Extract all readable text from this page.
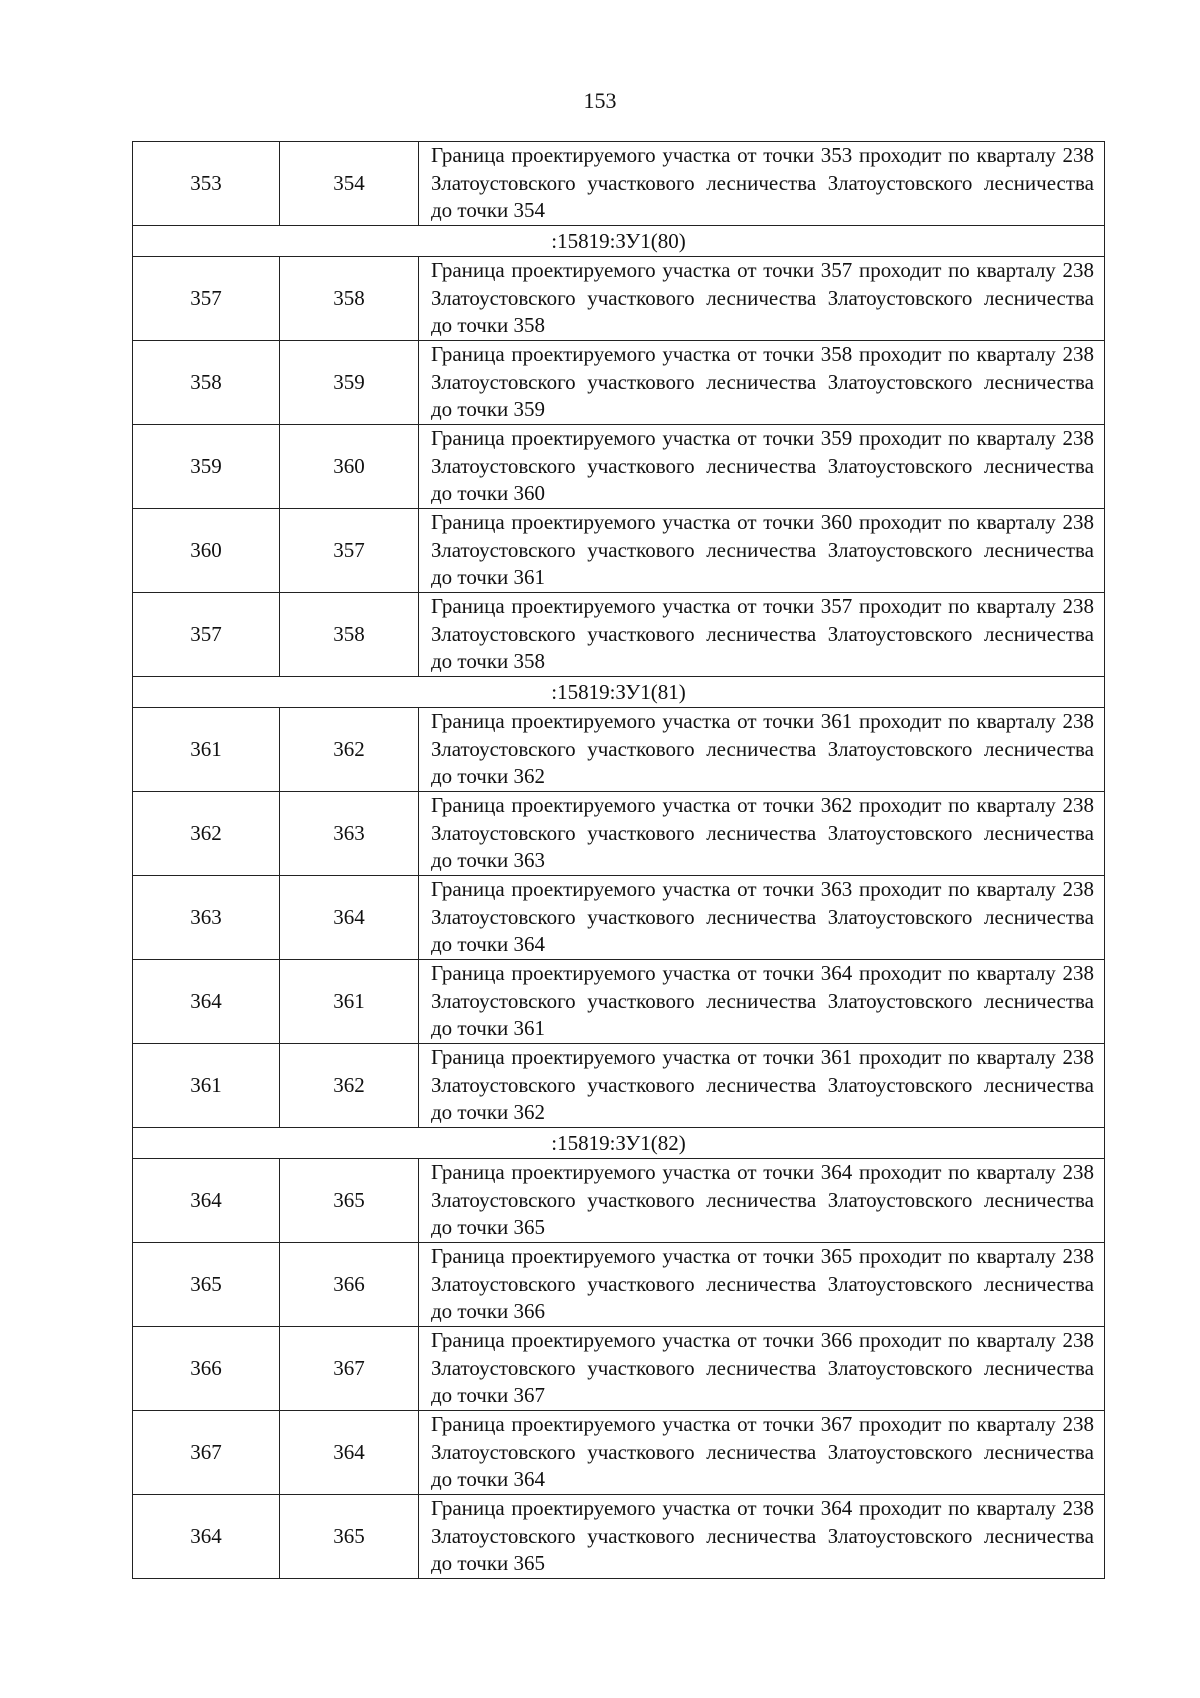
153
353	354	Граница проектируемого участка от точки 353 проходит по кварталу 238 Златоустовского участкового лесничества Златоустовского лесничества до точки 354
:15819:ЗУ1(80)		
357	358	Граница проектируемого участка от точки 357 проходит по кварталу 238 Златоустовского участкового лесничества Златоустовского лесничества до точки 358
358	359	Граница проектируемого участка от точки 358 проходит по кварталу 238 Златоустовского участкового лесничества Златоустовского лесничества до точки 359
359	360	Граница проектируемого участка от точки 359 проходит по кварталу 238 Златоустовского участкового лесничества Златоустовского лесничества до точки 360
360	357	Граница проектируемого участка от точки 360 проходит по кварталу 238 Златоустовского участкового лесничества Златоустовского лесничества до точки 361
357	358	Граница проектируемого участка от точки 357 проходит по кварталу 238 Златоустовского участкового лесничества Златоустовского лесничества до точки 358
:15819:ЗУ1(81)		
361	362	Граница проектируемого участка от точки 361 проходит по кварталу 238 Златоустовского участкового лесничества Златоустовского лесничества до точки 362
362	363	Граница проектируемого участка от точки 362 проходит по кварталу 238 Златоустовского участкового лесничества Златоустовского лесничества до точки 363
363	364	Граница проектируемого участка от точки 363 проходит по кварталу 238 Златоустовского участкового лесничества Златоустовского лесничества до точки 364
364	361	Граница проектируемого участка от точки 364 проходит по кварталу 238 Златоустовского участкового лесничества Златоустовского лесничества до точки 361
361	362	Граница проектируемого участка от точки 361 проходит по кварталу 238 Златоустовского участкового лесничества Златоустовского лесничества до точки 362
:15819:ЗУ1(82)		
364	365	Граница проектируемого участка от точки 364 проходит по кварталу 238 Златоустовского участкового лесничества Златоустовского лесничества до точки 365
365	366	Граница проектируемого участка от точки 365 проходит по кварталу 238 Златоустовского участкового лесничества Златоустовского лесничества до точки 366
366	367	Граница проектируемого участка от точки 366 проходит по кварталу 238 Златоустовского участкового лесничества Златоустовского лесничества до точки 367
367	364	Граница проектируемого участка от точки 367 проходит по кварталу 238 Златоустовского участкового лесничества Златоустовского лесничества до точки 364
364	365	Граница проектируемого участка от точки 364 проходит по кварталу 238 Златоустовского участкового лесничества Златоустовского лесничества до точки 365
